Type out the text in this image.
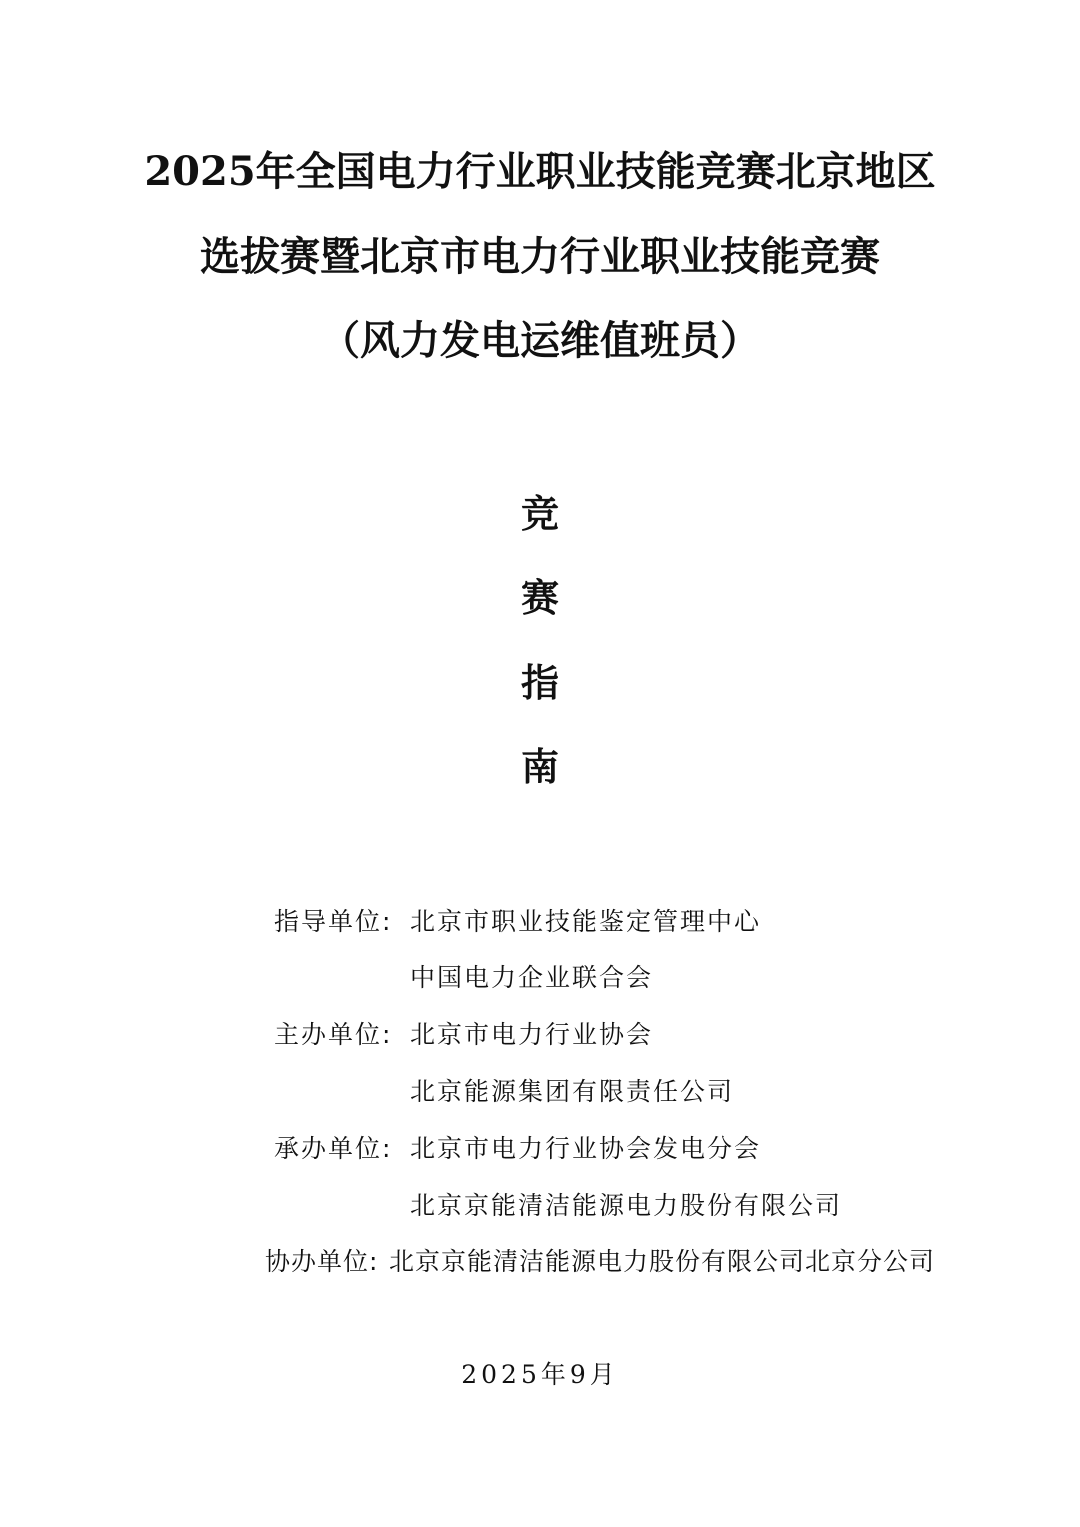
2025年全国电力行业职业技能竞赛北京地区
选拔赛暨北京市电力行业职业技能竞赛
（风力发电运维值班员）
竞
赛
指
南
指导单位: 北京市职业技能鉴定管理中心
中国电力企业联合会
主办单位: 北京市电力行业协会
北京能源集团有限责任公司
承办单位: 北京市电力行业协会发电分会
北京京能清洁能源电力股份有限公司
协办单位: 北京京能清洁能源电力股份有限公司北京分公司
2025年9月
